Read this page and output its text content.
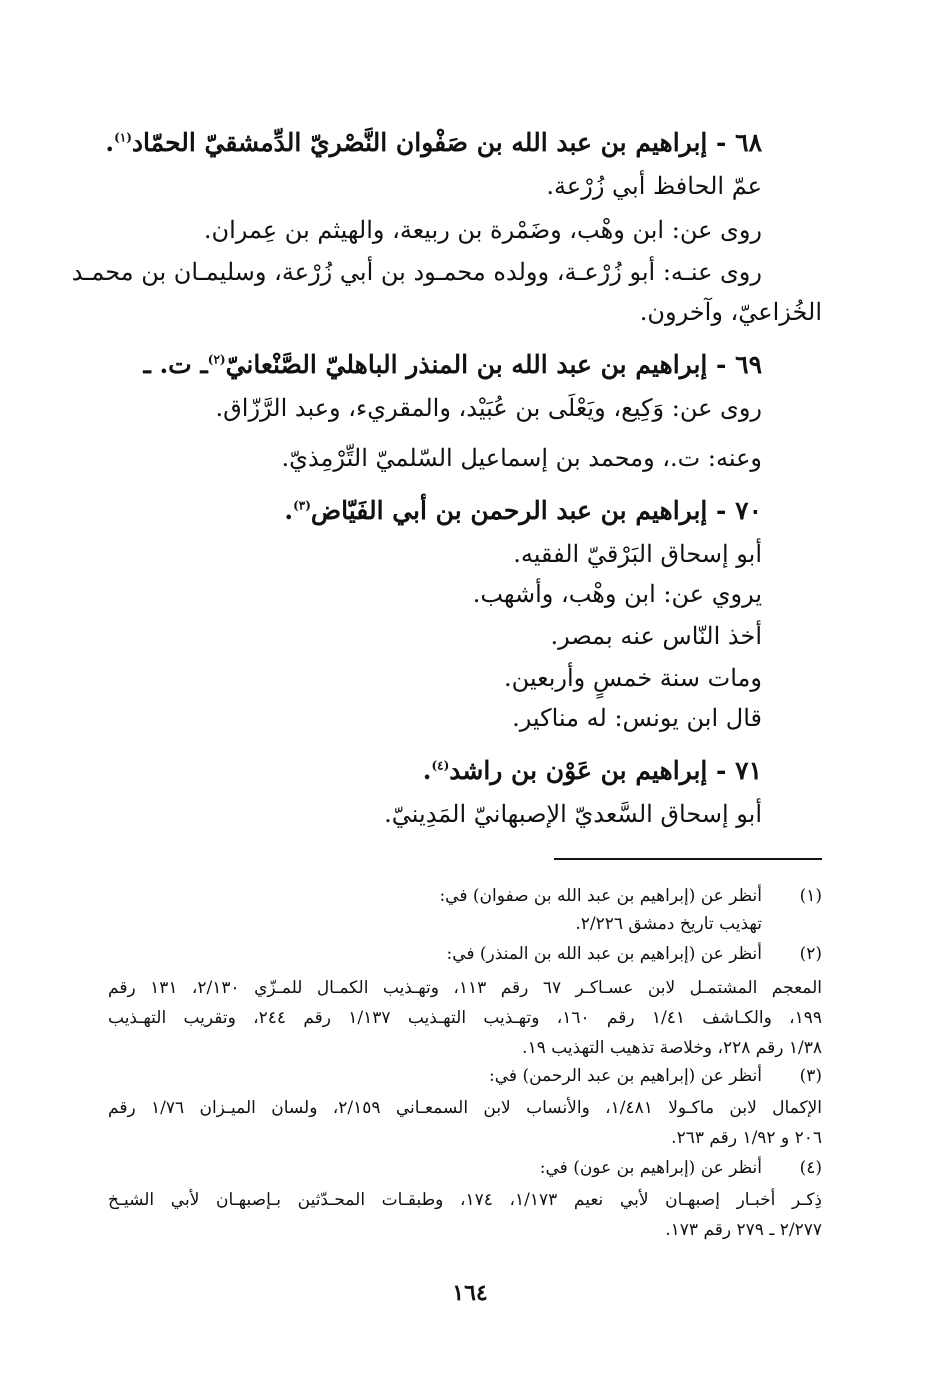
٦٨ - إبراهيم بن عبد الله بن صَفْوان النَّصْريّ الدِّمشقيّ الحمّاد$^{(١)}$.
عمّ الحافظ أبي زُرْعة.
روى عن: ابن وهْب، وضَمْرة بن ربيعة، والهيثم بن عِمران.
روى عنـه: أبو زُرْعـة، وولده محمـود بن أبي زُرْعة، وسليمـان بن محمـد
الخُزاعيّ، وآخرون.
٦٩ - إبراهيم بن عبد الله بن المنذر الباهليّ الصَّنْعانيّ$^{(٢)}$ـ ت. ـ
روى عن: وَكِيع، ويَعْلَى بن عُبَيْد، والمقريء، وعبد الرَّزّاق.
وعنه: ت.، ومحمد بن إسماعيل السّلميّ التِّرْمِذيّ.
٧٠ - إبراهيم بن عبد الرحمن بن أبي الفَيّاض$^{(٣)}$.
أبو إسحاق البَرْقيّ الفقيه.
يروي عن: ابن وهْب، وأشهب.
أخذ النّاس عنه بمصر.
ومات سنة خمسٍ وأربعين.
قال ابن يونس: له مناكير.
٧١ - إبراهيم بن عَوْن بن راشد$^{(٤)}$.
أبو إسحاق السَّعديّ الإصبهانيّ المَدِينيّ.
(١)
أنظر عن (إبراهيم بن عبد الله بن صفوان) في:
تهذيب تاريخ دمشق ٢/٢٢٦.
(٢)
أنظر عن (إبراهيم بن عبد الله بن المنذر) في:
المعجم المشتمـل لابن عسـاكـر ٦٧ رقم ١١٣، وتهـذيب الكمـال للمـزّي ٢/١٣٠، ١٣١ رقم
١٩٩، والكـاشف ١/٤١ رقم ١٦٠، وتهـذيب التهـذيب ١/١٣٧ رقم ٢٤٤، وتقريب التهـذيب
١/٣٨ رقم ٢٢٨، وخلاصة تذهيب التهذيب ١٩.
(٣)
أنظر عن (إبراهيم بن عبد الرحمن) في:
الإكمال لابن ماكـولا ١/٤٨١، والأنساب لابن السمعـاني ٢/١٥٩، ولسان الميـزان ١/٧٦ رقم
٢٠٦ و ١/٩٢ رقم ٢٦٣.
(٤)
أنظر عن (إبراهيم بن عون) في:
ذِكـر أخبـار إصبهـان لأبي نعيم ١/١٧٣، ١٧٤، وطبقـات المحـدّثين بـإصبهـان لأبي الشيـخ
٢/٢٧٧ ـ ٢٧٩ رقم ١٧٣.
١٦٤
